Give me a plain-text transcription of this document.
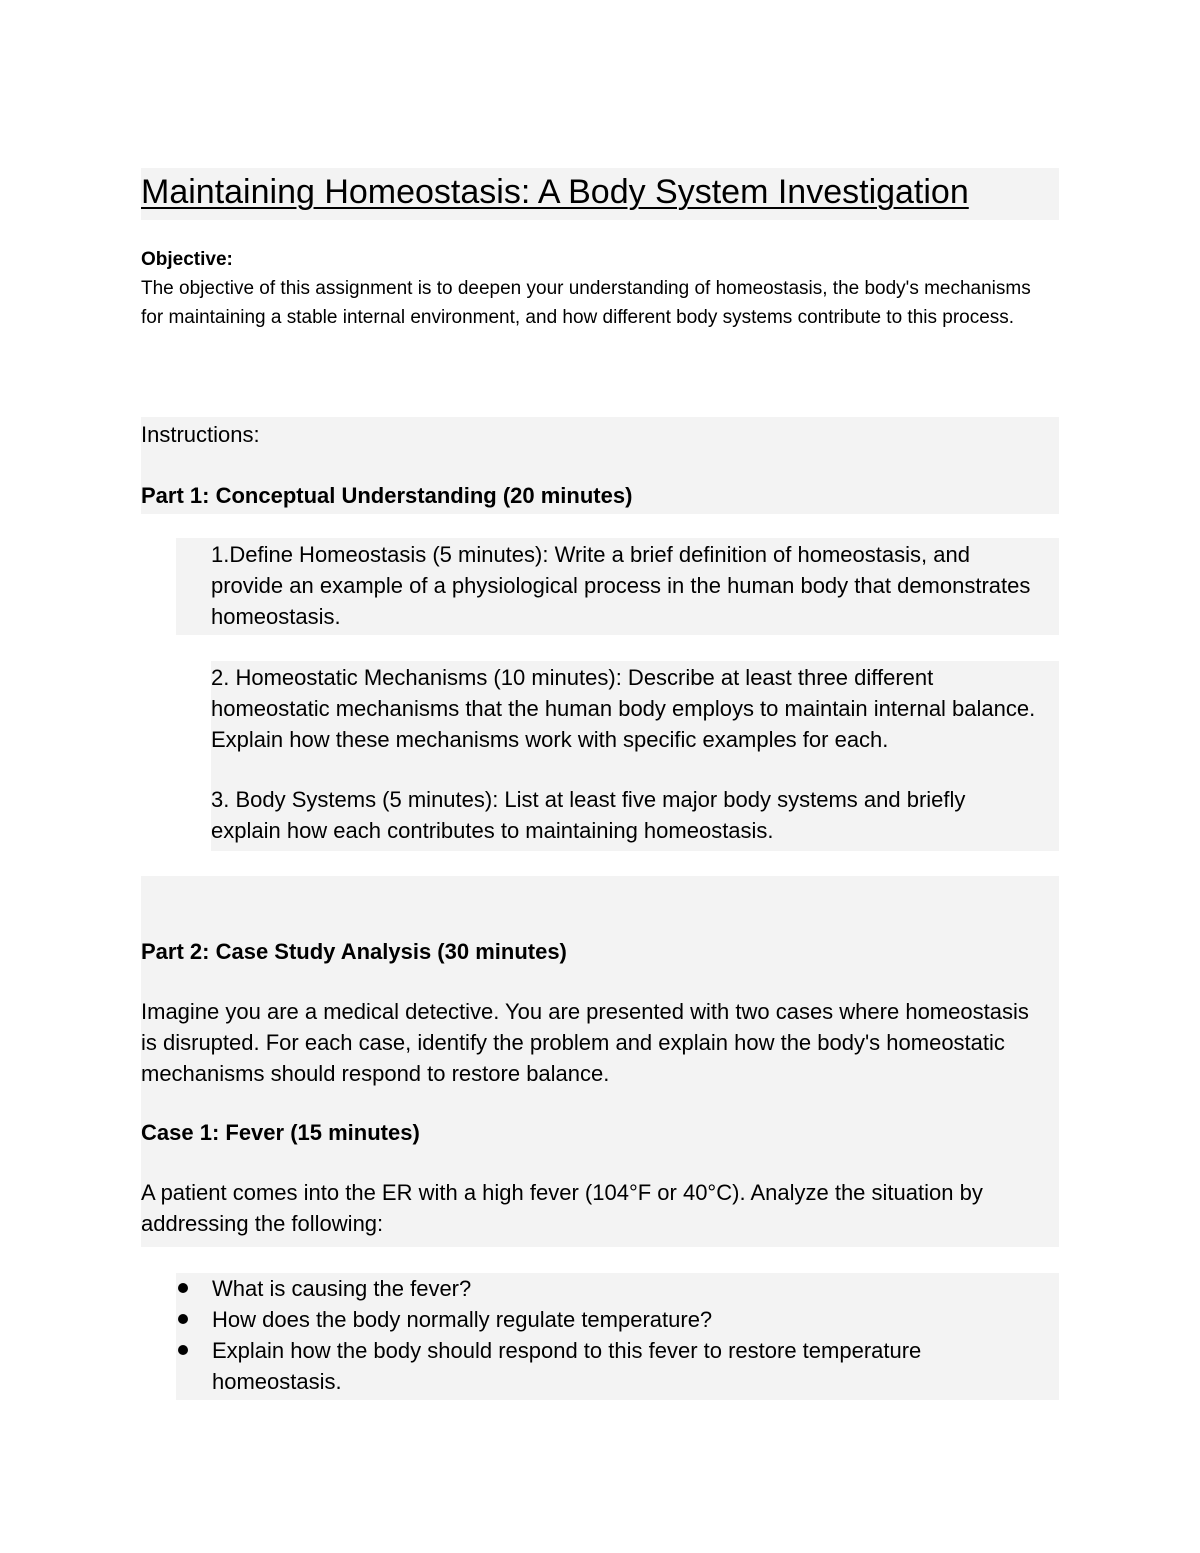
Maintaining Homeostasis: A Body System Investigation
Objective:
The objective of this assignment is to deepen your understanding of homeostasis, the body's mechanisms for maintaining a stable internal environment, and how different body systems contribute to this process.
Instructions:
Part 1: Conceptual Understanding (20 minutes)
1.Define Homeostasis (5 minutes): Write a brief definition of homeostasis, and provide an example of a physiological process in the human body that demonstrates homeostasis.
2. Homeostatic Mechanisms (10 minutes): Describe at least three different homeostatic mechanisms that the human body employs to maintain internal balance. Explain how these mechanisms work with specific examples for each.
3. Body Systems (5 minutes): List at least five major body systems and briefly explain how each contributes to maintaining homeostasis.
Part 2: Case Study Analysis (30 minutes)
Imagine you are a medical detective. You are presented with two cases where homeostasis is disrupted. For each case, identify the problem and explain how the body's homeostatic mechanisms should respond to restore balance.
Case 1: Fever (15 minutes)
A patient comes into the ER with a high fever (104°F or 40°C). Analyze the situation by addressing the following:
What is causing the fever?
How does the body normally regulate temperature?
Explain how the body should respond to this fever to restore temperature homeostasis.
